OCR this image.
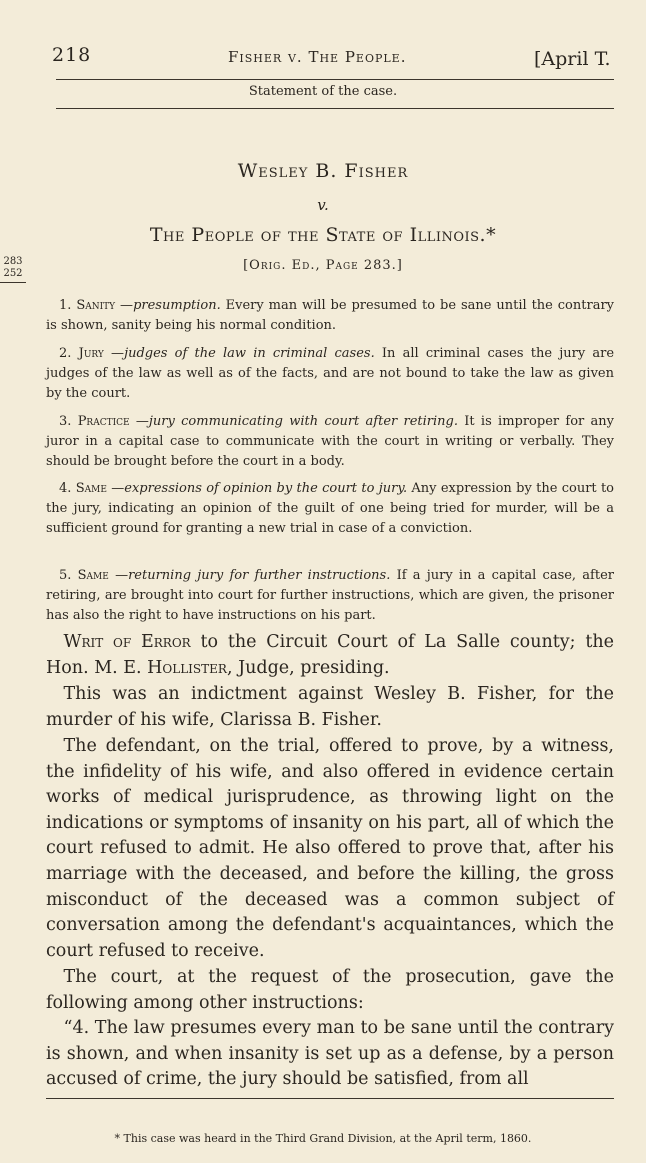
218	Fisher v. The People.	[April T.
Statement of the case.
Wesley B. Fisher
v.
The People of the State of Illinois.*
[Orig. Ed., Page 283.]
283
252
 1. Sanity —presumption. Every man will be presumed to be sane until the contrary is shown, sanity being his normal condition.
 2. Jury —judges of the law in criminal cases. In all criminal cases the jury are judges of the law as well as of the facts, and are not bound to take the law as given by the court.
 3. Practice —jury communicating with court after retiring. It is improper for any juror in a capital case to communicate with the court in writing or verbally. They should be brought before the court in a body.
 4. Same —expressions of opinion by the court to jury. Any expression by the court to the jury, indicating an opinion of the guilt of one being tried for murder, will be a sufficient ground for granting a new trial in case of a conviction.
 5. Same —returning jury for further instructions. If a jury in a capital case, after retiring, are brought into court for further instructions, which are given, the prisoner has also the right to have instructions on his part.
 Writ of Error to the Circuit Court of La Salle county; the Hon. M. E. Hollister, Judge, presiding.
 This was an indictment against Wesley B. Fisher, for the murder of his wife, Clarissa B. Fisher.
 The defendant, on the trial, offered to prove, by a witness, the infidelity of his wife, and also offered in evidence certain works of medical jurisprudence, as throwing light on the indications or symptoms of insanity on his part, all of which the court refused to admit. He also offered to prove that, after his marriage with the deceased, and before the killing, the gross misconduct of the deceased was a common subject of conversation among the defendant's acquaintances, which the court refused to receive.
 The court, at the request of the prosecution, gave the following among other instructions:
 “4. The law presumes every man to be sane until the contrary is shown, and when insanity is set up as a defense, by a person accused of crime, the jury should be satisfied, from all
* This case was heard in the Third Grand Division, at the April term, 1860.
